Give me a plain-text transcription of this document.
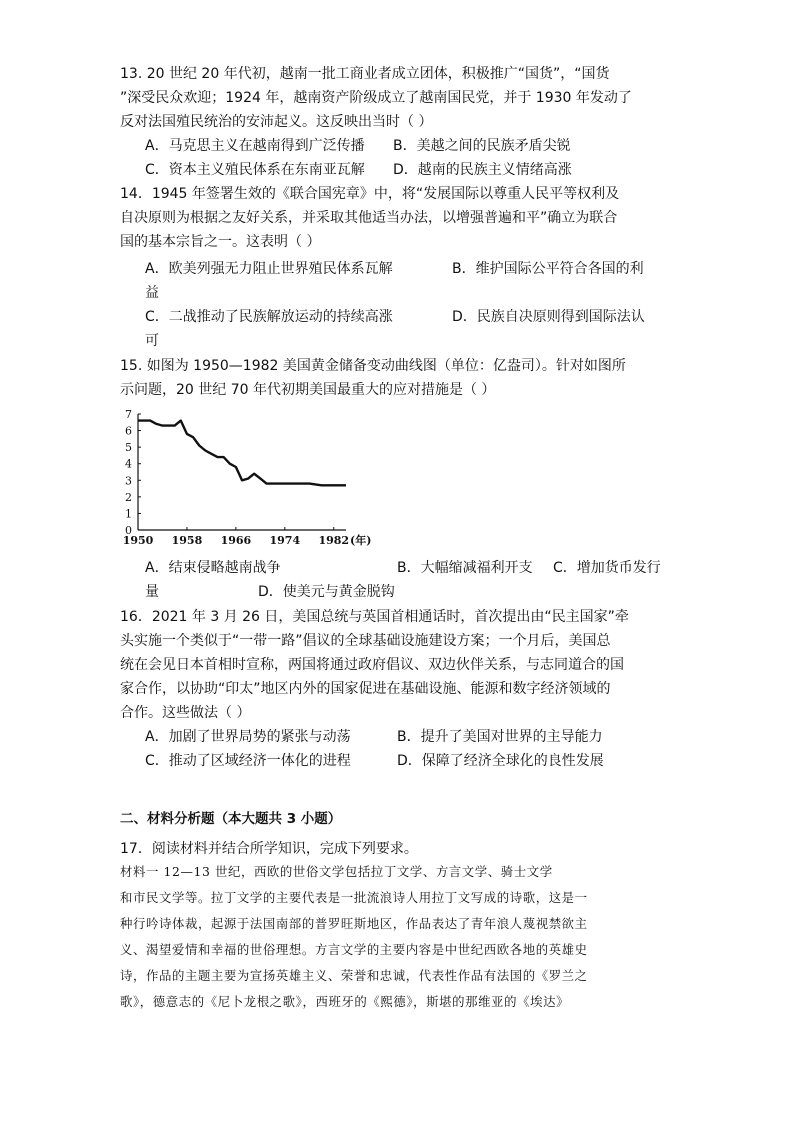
13. 20 世纪 20 年代初，越南一批工商业者成立团体，积极推广“国货”，“国货
”深受民众欢迎；1924 年，越南资产阶级成立了越南国民党，并于 1930 年发动了
反对法国殖民统治的安沛起义。这反映出当时（ ）
A．马克思主义在越南得到广泛传播 B．美越之间的民族矛盾尖锐
C．资本主义殖民体系在东南亚瓦解 D．越南的民族主义情绪高涨
14．1945 年签署生效的《联合国宪章》中，将“发展国际以尊重人民平等权利及
自决原则为根据之友好关系，并采取其他适当办法，以增强普遍和平”确立为联合
国的基本宗旨之一。这表明（ ）
A．欧美列强无力阻止世界殖民体系瓦解	B．维护国际公平符合各国的利
益
C．二战推动了民族解放运动的持续高涨	D．民族自决原则得到国际法认
可
15. 如图为 1950—1982 美国黄金储备变动曲线图（单位：亿盎司）。针对如图所
示问题，20 世纪 70 年代初期美国最重大的应对措施是（ ）
0
1
2
3
4
5
6
7
1950 1958 1966 1974 1982 (年)
A．结束侵略越南战争	B．大幅缩减福利开支 C．增加货币发行
量	D．使美元与黄金脱钩
16．2021 年 3 月 26 日，美国总统与英国首相通话时，首次提出由“民主国家”牵
头实施一个类似于“一带一路”倡议的全球基础设施建设方案；一个月后，美国总
统在会见日本首相时宣称，两国将通过政府倡议、双边伙伴关系，与志同道合的国
家合作，以协助“印太”地区内外的国家促进在基础设施、能源和数字经济领域的
合作。这些做法（ ）
A．加剧了世界局势的紧张与动荡	B．提升了美国对世界的主导能力
C．推动了区域经济一体化的进程	D．保障了经济全球化的良性发展
二、材料分析题（本大题共 3 小题）
17．阅读材料并结合所学知识，完成下列要求。
材料一 12—13 世纪，西欧的世俗文学包括拉丁文学、方言文学、骑士文学
和市民文学等。拉丁文学的主要代表是一批流浪诗人用拉丁文写成的诗歌，这是一
种行吟诗体裁，起源于法国南部的普罗旺斯地区，作品表达了青年浪人蔑视禁欲主
义、渴望爱情和幸福的世俗理想。方言文学的主要内容是中世纪西欧各地的英雄史
诗，作品的主题主要为宣扬英雄主义、荣誉和忠诚，代表性作品有法国的《罗兰之
歌》，德意志的《尼卜龙根之歌》，西班牙的《熙德》，斯堪的那维亚的《埃达》
